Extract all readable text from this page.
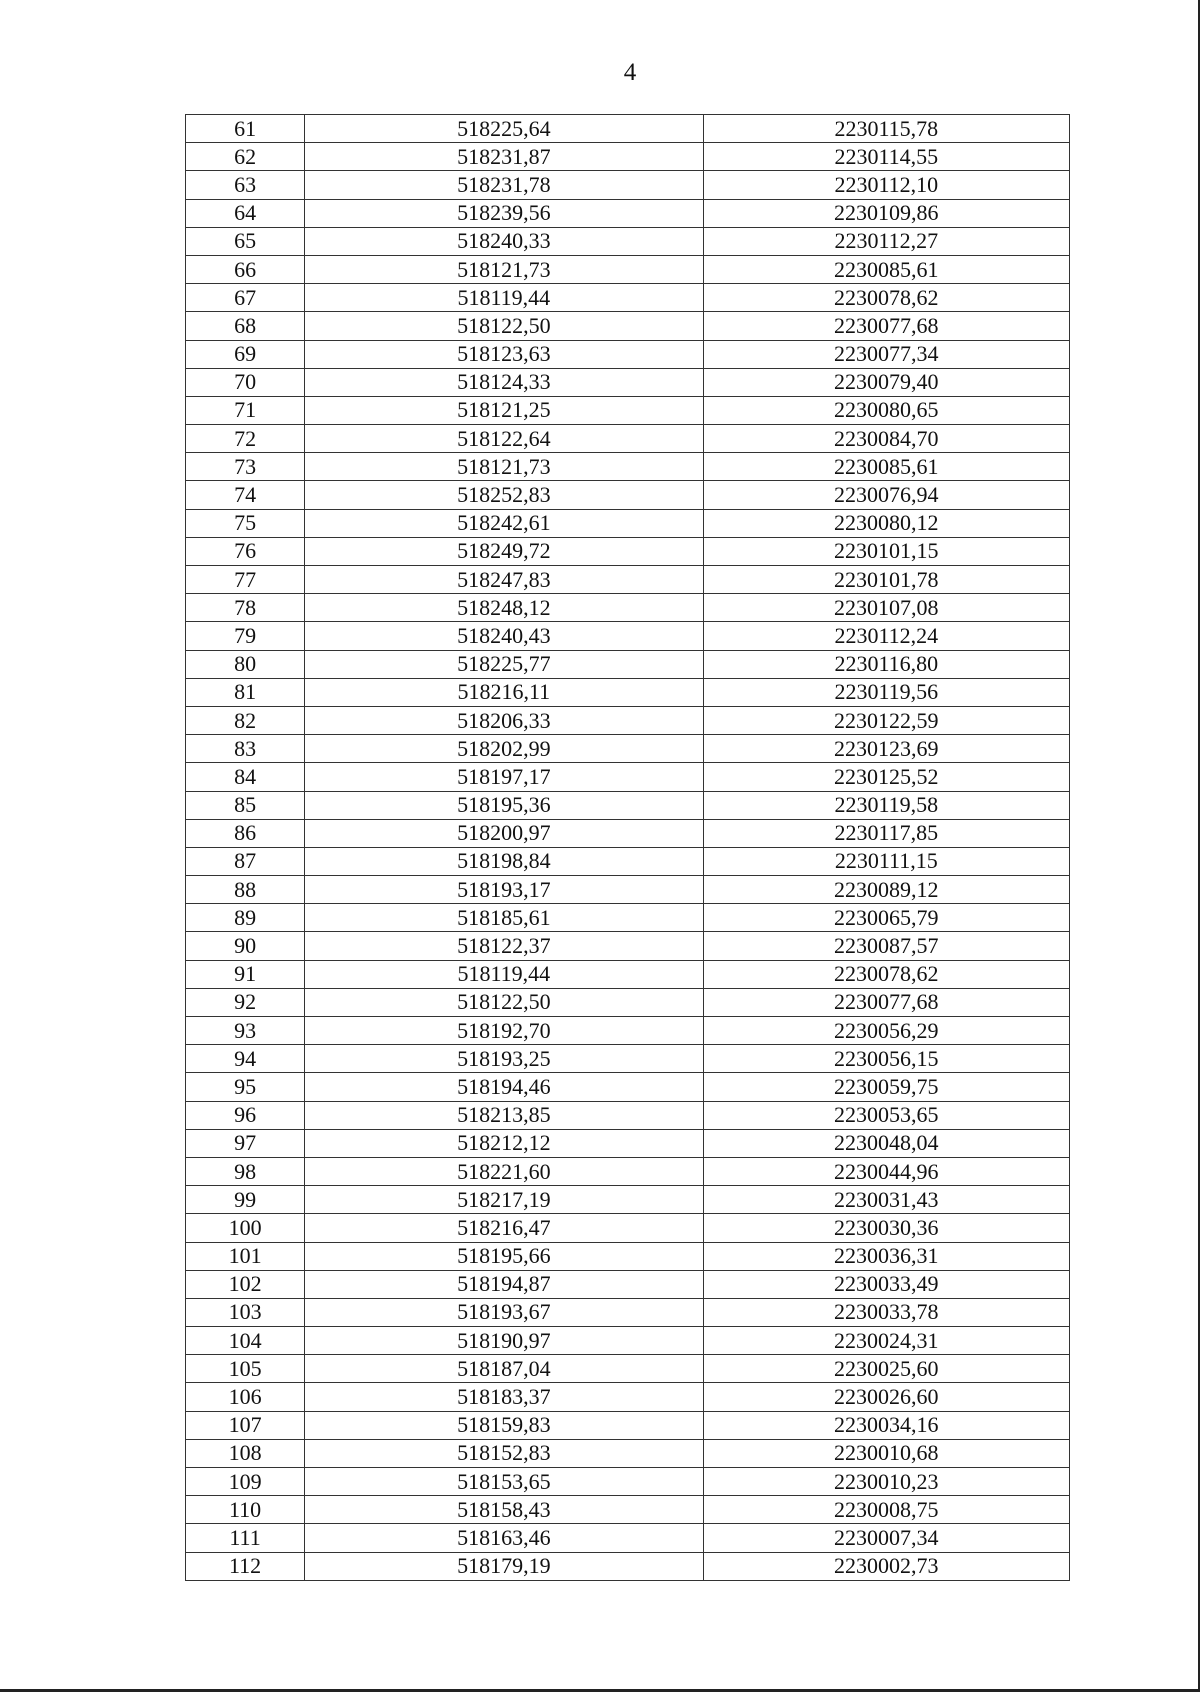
4
61	518225,64	2230115,78
62	518231,87	2230114,55
63	518231,78	2230112,10
64	518239,56	2230109,86
65	518240,33	2230112,27
66	518121,73	2230085,61
67	518119,44	2230078,62
68	518122,50	2230077,68
69	518123,63	2230077,34
70	518124,33	2230079,40
71	518121,25	2230080,65
72	518122,64	2230084,70
73	518121,73	2230085,61
74	518252,83	2230076,94
75	518242,61	2230080,12
76	518249,72	2230101,15
77	518247,83	2230101,78
78	518248,12	2230107,08
79	518240,43	2230112,24
80	518225,77	2230116,80
81	518216,11	2230119,56
82	518206,33	2230122,59
83	518202,99	2230123,69
84	518197,17	2230125,52
85	518195,36	2230119,58
86	518200,97	2230117,85
87	518198,84	2230111,15
88	518193,17	2230089,12
89	518185,61	2230065,79
90	518122,37	2230087,57
91	518119,44	2230078,62
92	518122,50	2230077,68
93	518192,70	2230056,29
94	518193,25	2230056,15
95	518194,46	2230059,75
96	518213,85	2230053,65
97	518212,12	2230048,04
98	518221,60	2230044,96
99	518217,19	2230031,43
100	518216,47	2230030,36
101	518195,66	2230036,31
102	518194,87	2230033,49
103	518193,67	2230033,78
104	518190,97	2230024,31
105	518187,04	2230025,60
106	518183,37	2230026,60
107	518159,83	2230034,16
108	518152,83	2230010,68
109	518153,65	2230010,23
110	518158,43	2230008,75
111	518163,46	2230007,34
112	518179,19	2230002,73
